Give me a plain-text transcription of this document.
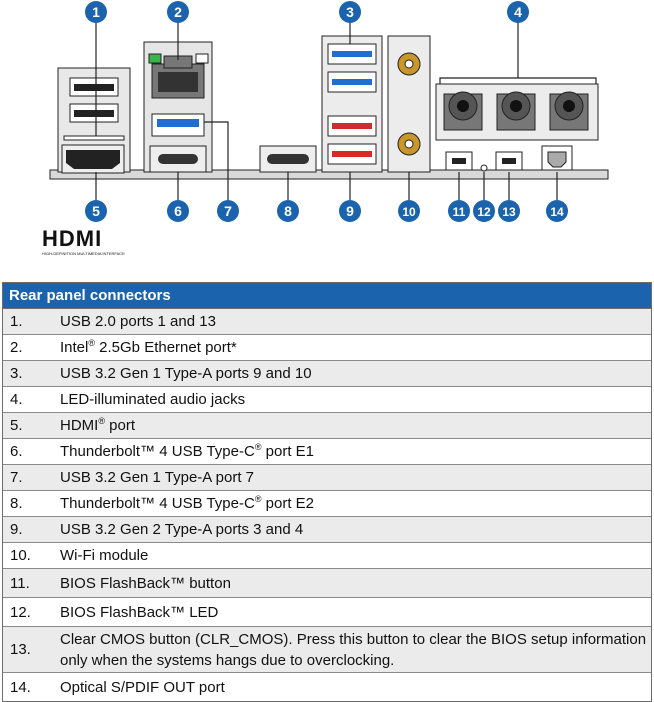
1	2	3	4
5	6	7	8	9	10	11 12 13	14
HDMI
HIGH-DEFINITION MULTIMEDIA INTERFACE
Rear panel connectors
1.	USB 2.0 ports 1 and 13
2.	Intel® 2.5Gb Ethernet port*
3.	USB 3.2 Gen 1 Type-A ports 9 and 10
4.	LED-illuminated audio jacks
5.	HDMI® port
6.	Thunderbolt™ 4 USB Type-C® port E1
7.	USB 3.2 Gen 1 Type-A port 7
8.	Thunderbolt™ 4 USB Type-C® port E2
9.	USB 3.2 Gen 2 Type-A ports 3 and 4
10.	Wi-Fi module
11.	BIOS FlashBack™ button
12.	BIOS FlashBack™ LED
13.
Clear CMOS button (CLR_CMOS). Press this button to clear the BIOS setup information only when the systems hangs due to overclocking.
14.	Optical S/PDIF OUT port
